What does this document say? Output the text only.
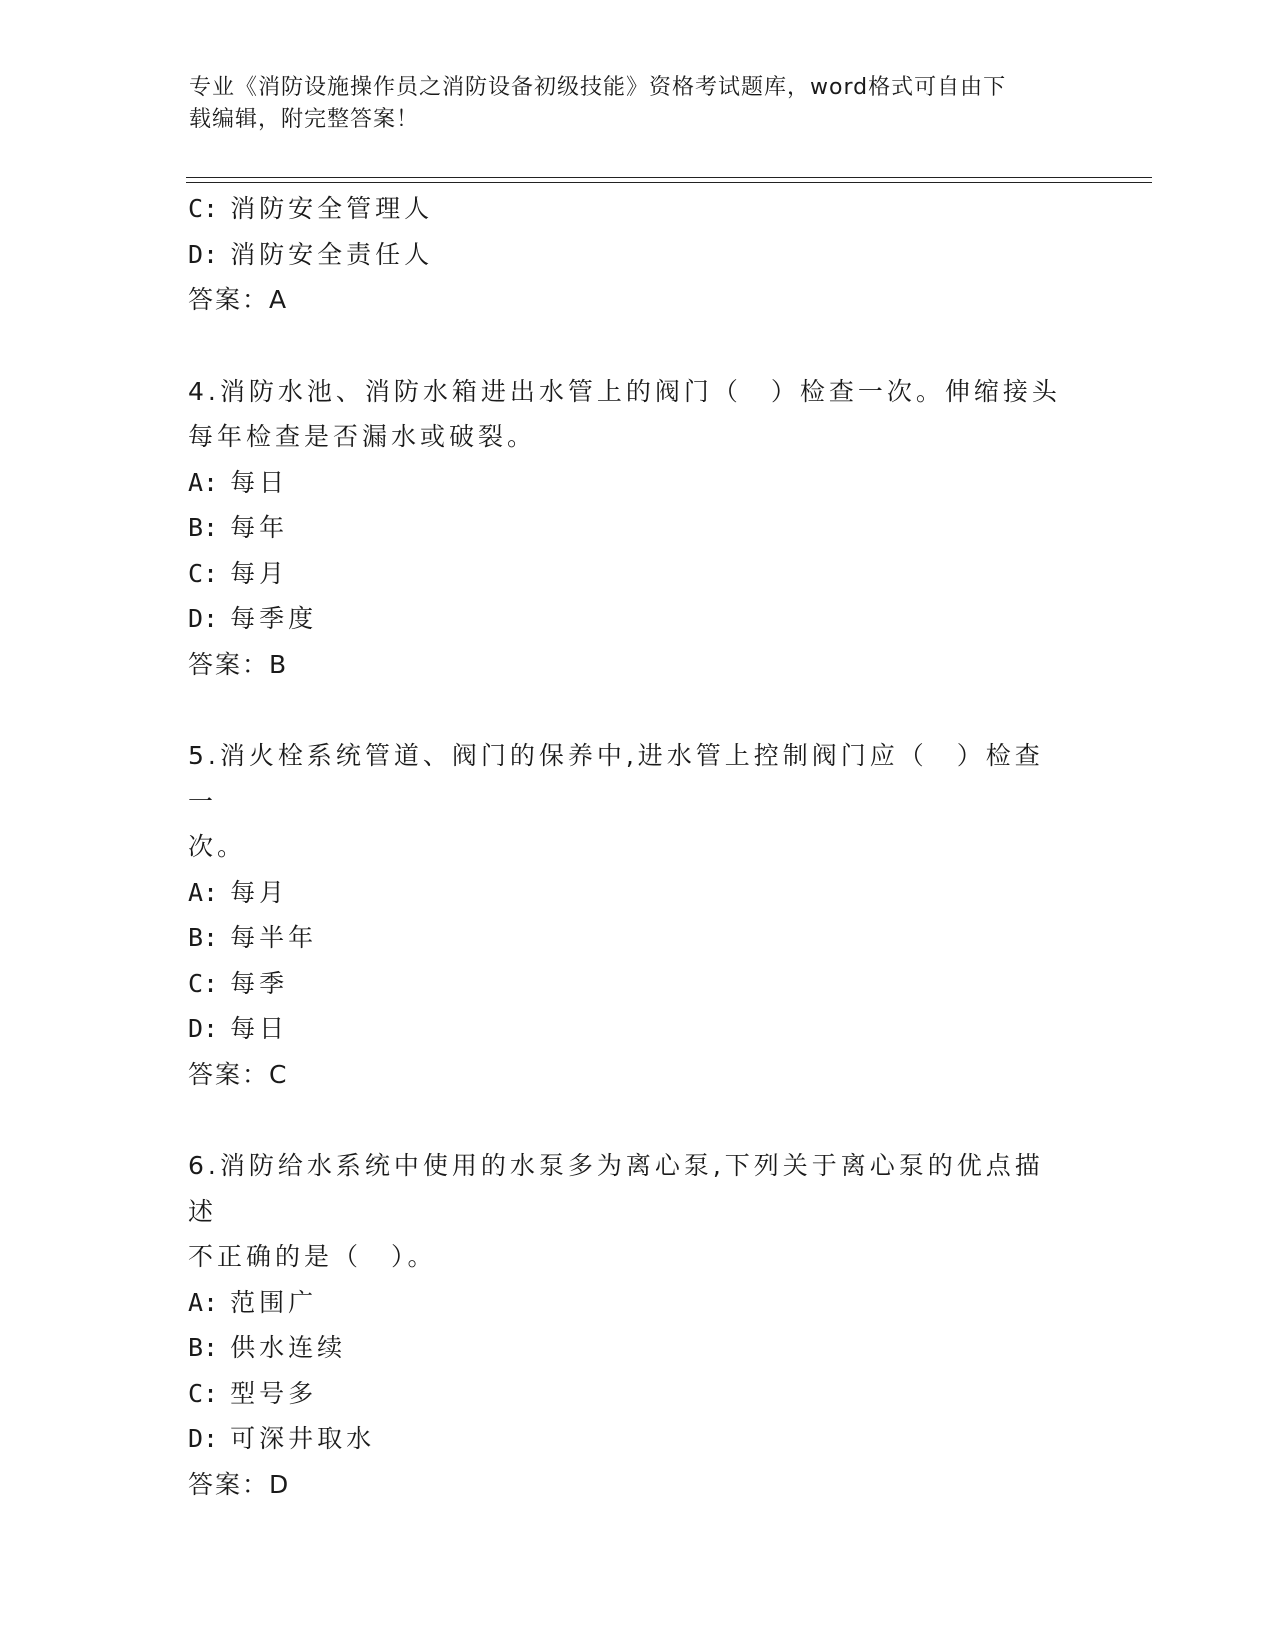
专业《消防设施操作员之消防设备初级技能》资格考试题库，word格式可自由下
载编辑，附完整答案！
C: 消防安全管理人
D: 消防安全责任人
答案：A
4.消防水池、消防水箱进出水管上的阀门（　）检查一次。伸缩接头
每年检查是否漏水或破裂。
A: 每日
B: 每年
C: 每月
D: 每季度
答案：B
5.消火栓系统管道、阀门的保养中,进水管上控制阀门应（　）检查一
次。
A: 每月
B: 每半年
C: 每季
D: 每日
答案：C
6.消防给水系统中使用的水泵多为离心泵,下列关于离心泵的优点描述
不正确的是（　）。
A: 范围广
B: 供水连续
C: 型号多
D: 可深井取水
答案：D
